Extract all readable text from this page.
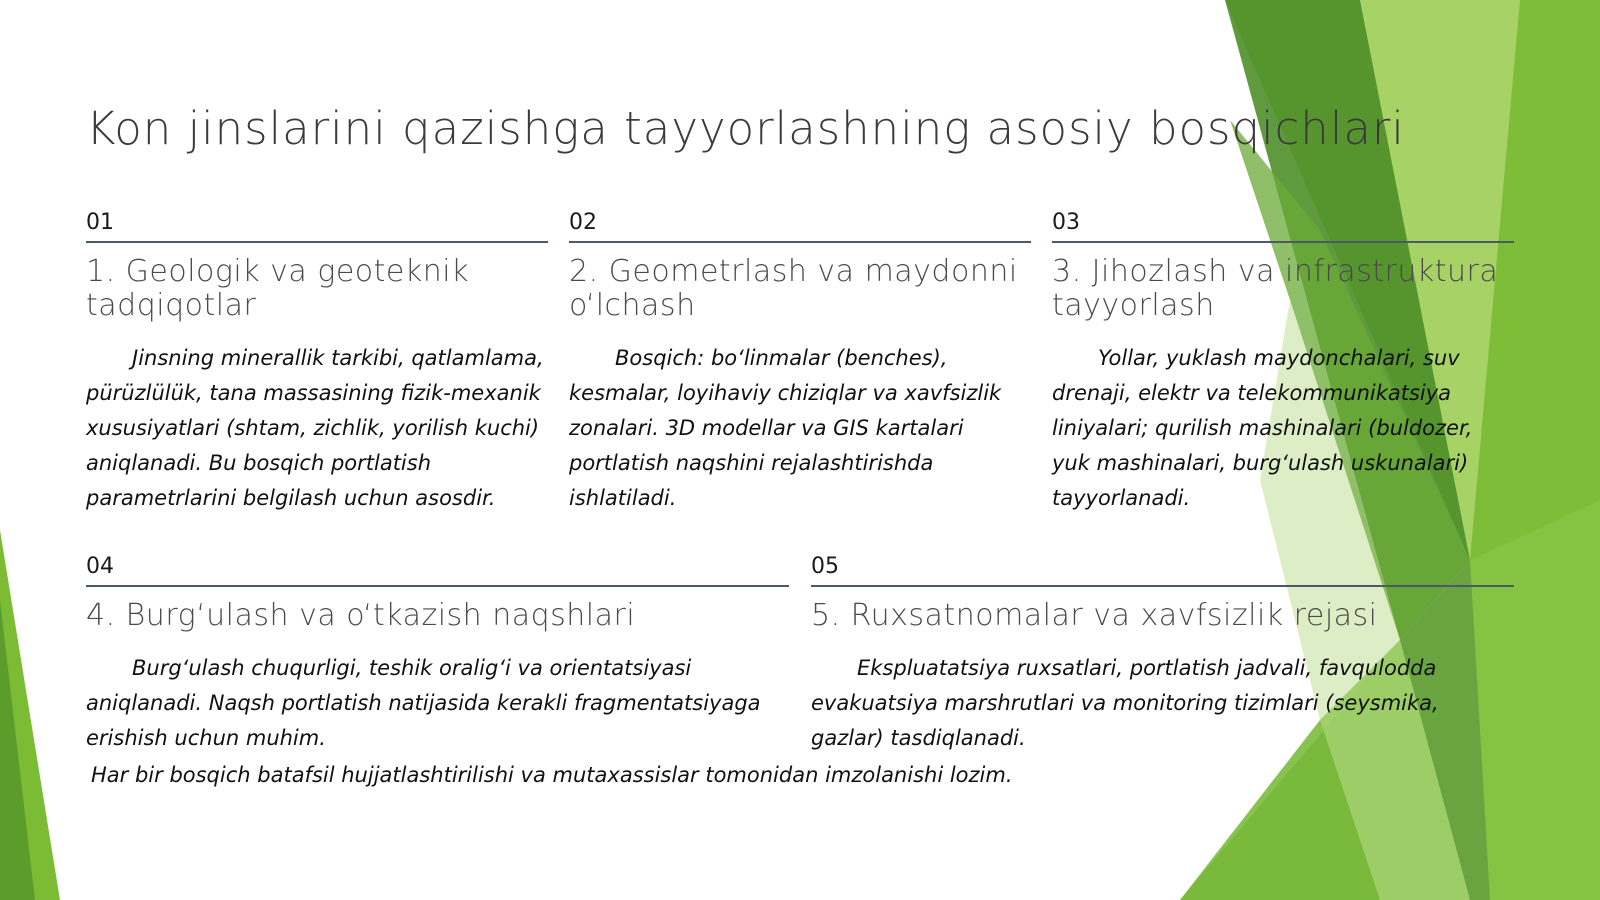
Kon jinslarini qazishga tayyorlashning asosiy bosqichlari
01
1. Geologik va geoteknik tadqiqotlar
Jinsning minerallik tarkibi, qatlamlama, pürüzlülük, tana massasining fizik-mexanik xususiyatlari (shtam, zichlik, yorilish kuchi) aniqlanadi. Bu bosqich portlatish parametrlarini belgilash uchun asosdir.
02
2. Geometrlash va maydonni o‘lchash
Bosqich: bo‘linmalar (benches), kesmalar, loyihaviy chiziqlar va xavfsizlik zonalari. 3D modellar va GIS kartalari portlatish naqshini rejalashtirishda ishlatiladi.
03
3. Jihozlash va infrastruktura tayyorlash
Yollar, yuklash maydonchalari, suv drenaji, elektr va telekommunikatsiya liniyalari; qurilish mashinalari (buldozer, yuk mashinalari, burg‘ulash uskunalari) tayyorlanadi.
04
4. Burg‘ulash va o‘tkazish naqshlari
Burg‘ulash chuqurligi, teshik oralig‘i va orientatsiyasi aniqlanadi. Naqsh portlatish natijasida kerakli fragmentatsiyaga erishish uchun muhim.
05
5. Ruxsatnomalar va xavfsizlik rejasi
Ekspluatatsiya ruxsatlari, portlatish jadvali, favqulodda evakuatsiya marshrutlari va monitoring tizimlari (seysmika, gazlar) tasdiqlanadi.
Har bir bosqich batafsil hujjatlashtirilishi va mutaxassislar tomonidan imzolanishi lozim.
